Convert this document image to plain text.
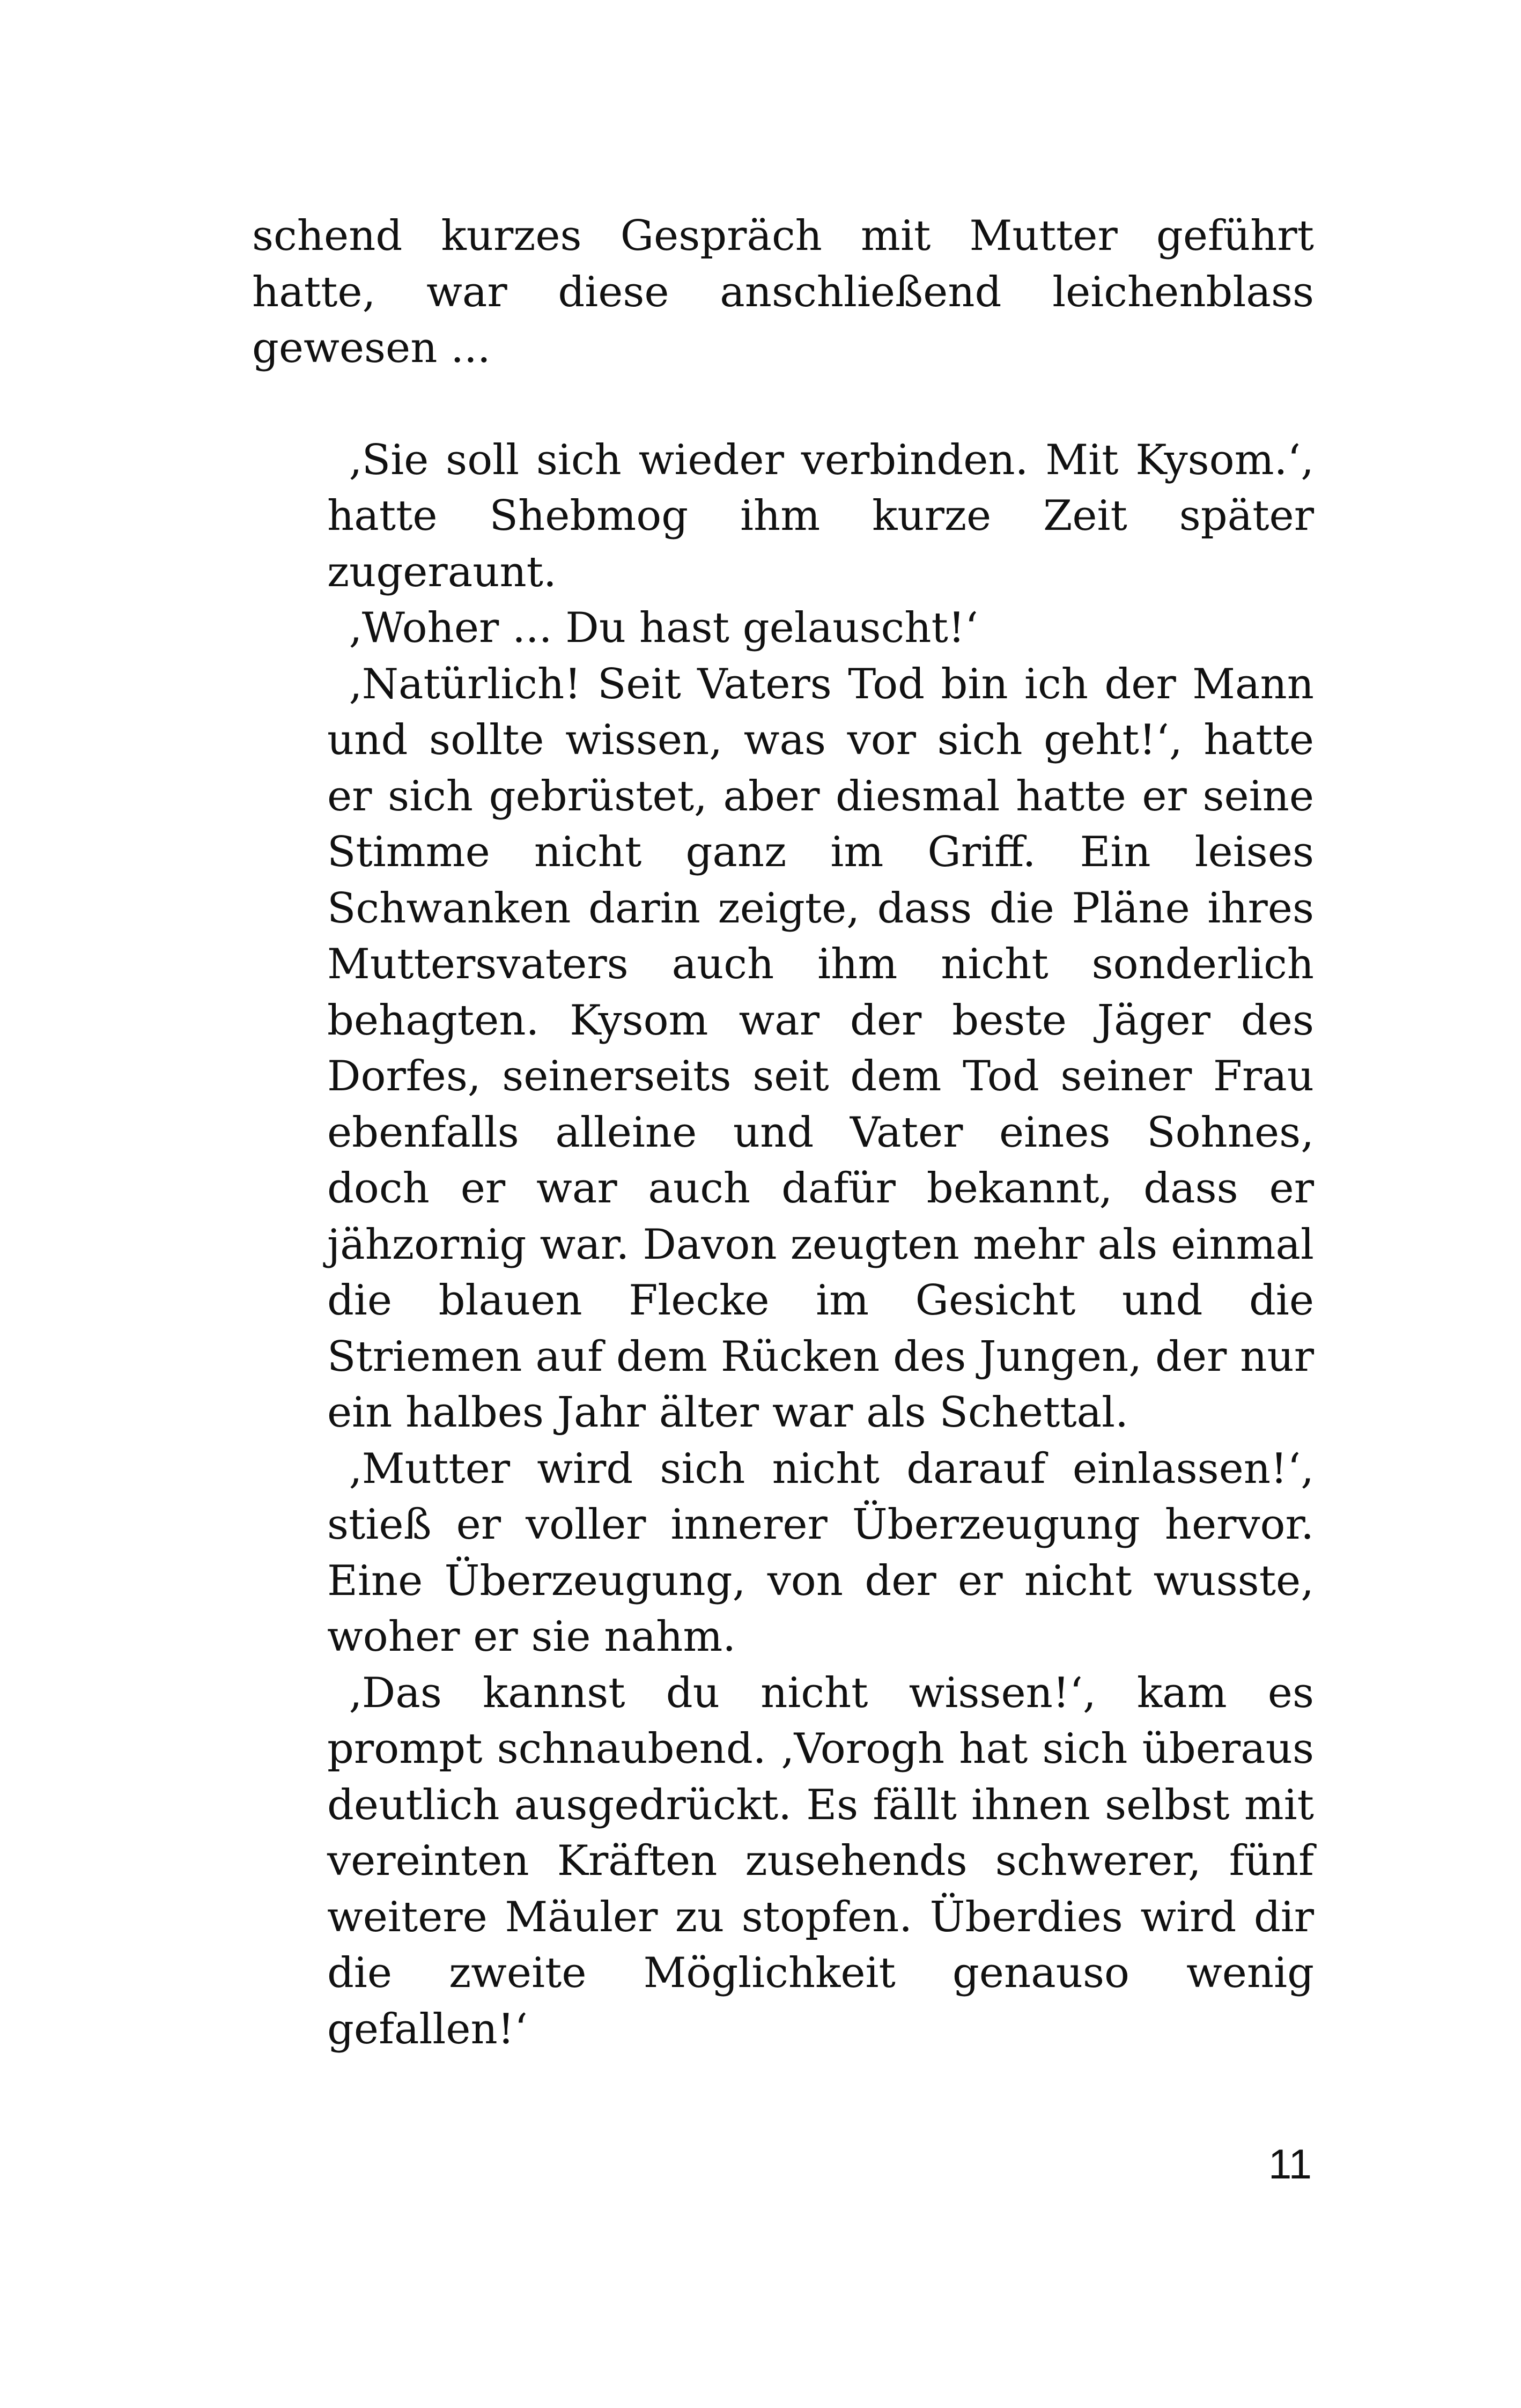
schend kurzes Gespräch mit Mutter geführt hatte, war diese anschließend leichenblass gewesen ...

‚Sie soll sich wieder verbinden. Mit Kysom.‘, hatte Shebmog ihm kurze Zeit später zugeraunt.

‚Woher ... Du hast gelauscht!‘

‚Natürlich! Seit Vaters Tod bin ich der Mann und sollte wissen, was vor sich geht!‘, hatte er sich gebrüstet, aber diesmal hatte er seine Stimme nicht ganz im Griff. Ein leises Schwanken darin zeigte, dass die Pläne ihres Muttersvaters auch ihm nicht sonderlich behagten. Kysom war der beste Jäger des Dorfes, seinerseits seit dem Tod seiner Frau ebenfalls alleine und Vater eines Sohnes, doch er war auch dafür bekannt, dass er jähzornig war. Davon zeugten mehr als einmal die blauen Flecke im Gesicht und die Striemen auf dem Rücken des Jungen, der nur ein halbes Jahr älter war als Schettal.

‚Mutter wird sich nicht darauf einlassen!‘, stieß er voller innerer Überzeugung hervor. Eine Überzeugung, von der er nicht wusste, woher er sie nahm.

‚Das kannst du nicht wissen!‘, kam es prompt schnaubend. ‚Vorogh hat sich überaus deutlich ausgedrückt. Es fällt ihnen selbst mit vereinten Kräften zusehends schwerer, fünf weitere Mäuler zu stopfen. Überdies wird dir die zweite Möglichkeit genauso wenig gefallen!‘

11
